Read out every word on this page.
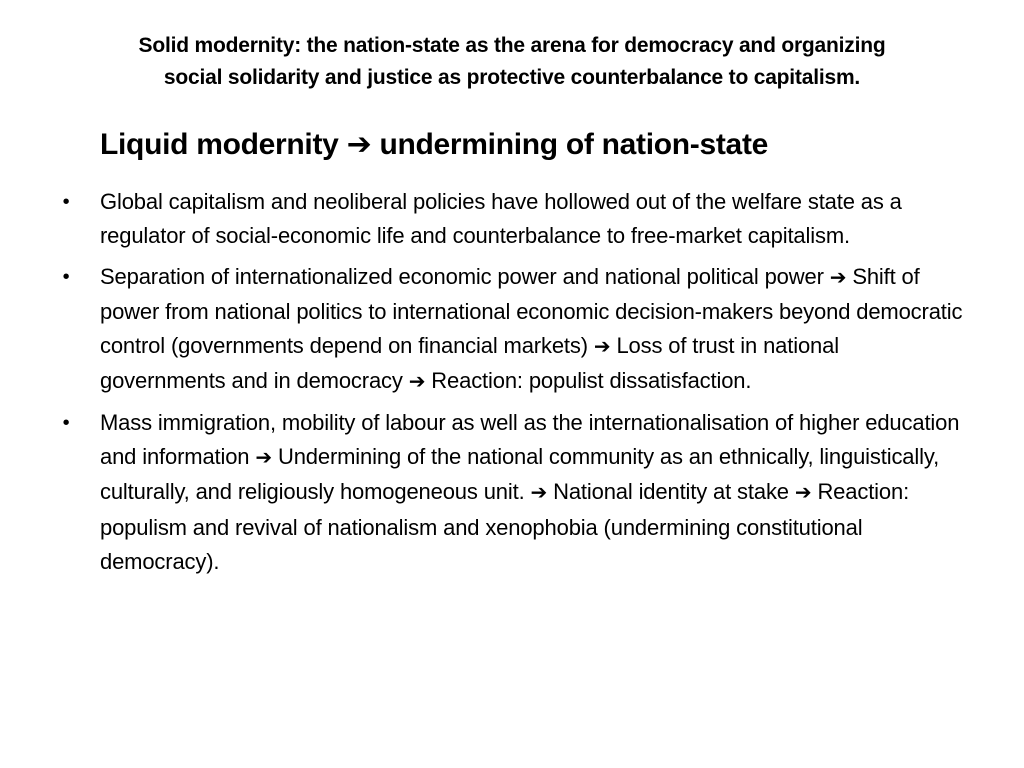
Solid modernity: the nation-state as the arena for democracy and organizing
social solidarity and justice as protective counterbalance to capitalism.
Liquid modernity ➔ undermining of nation-state
• Global capitalism and neoliberal policies have hollowed out of the welfare state as a regulator of social-economic life and counterbalance to free-market capitalism.
• Separation of internationalized economic power and national political power ➔ Shift of power from national politics to international economic decision-makers beyond democratic control (governments depend on financial markets) ➔ Loss of trust in national governments and in democracy ➔ Reaction: populist dissatisfaction.
• Mass immigration, mobility of labour as well as the internationalisation of higher education and information ➔ Undermining of the national community as an ethnically, linguistically, culturally, and religiously homogeneous unit. ➔ National identity at stake ➔ Reaction: populism and revival of nationalism and xenophobia (undermining constitutional democracy).
